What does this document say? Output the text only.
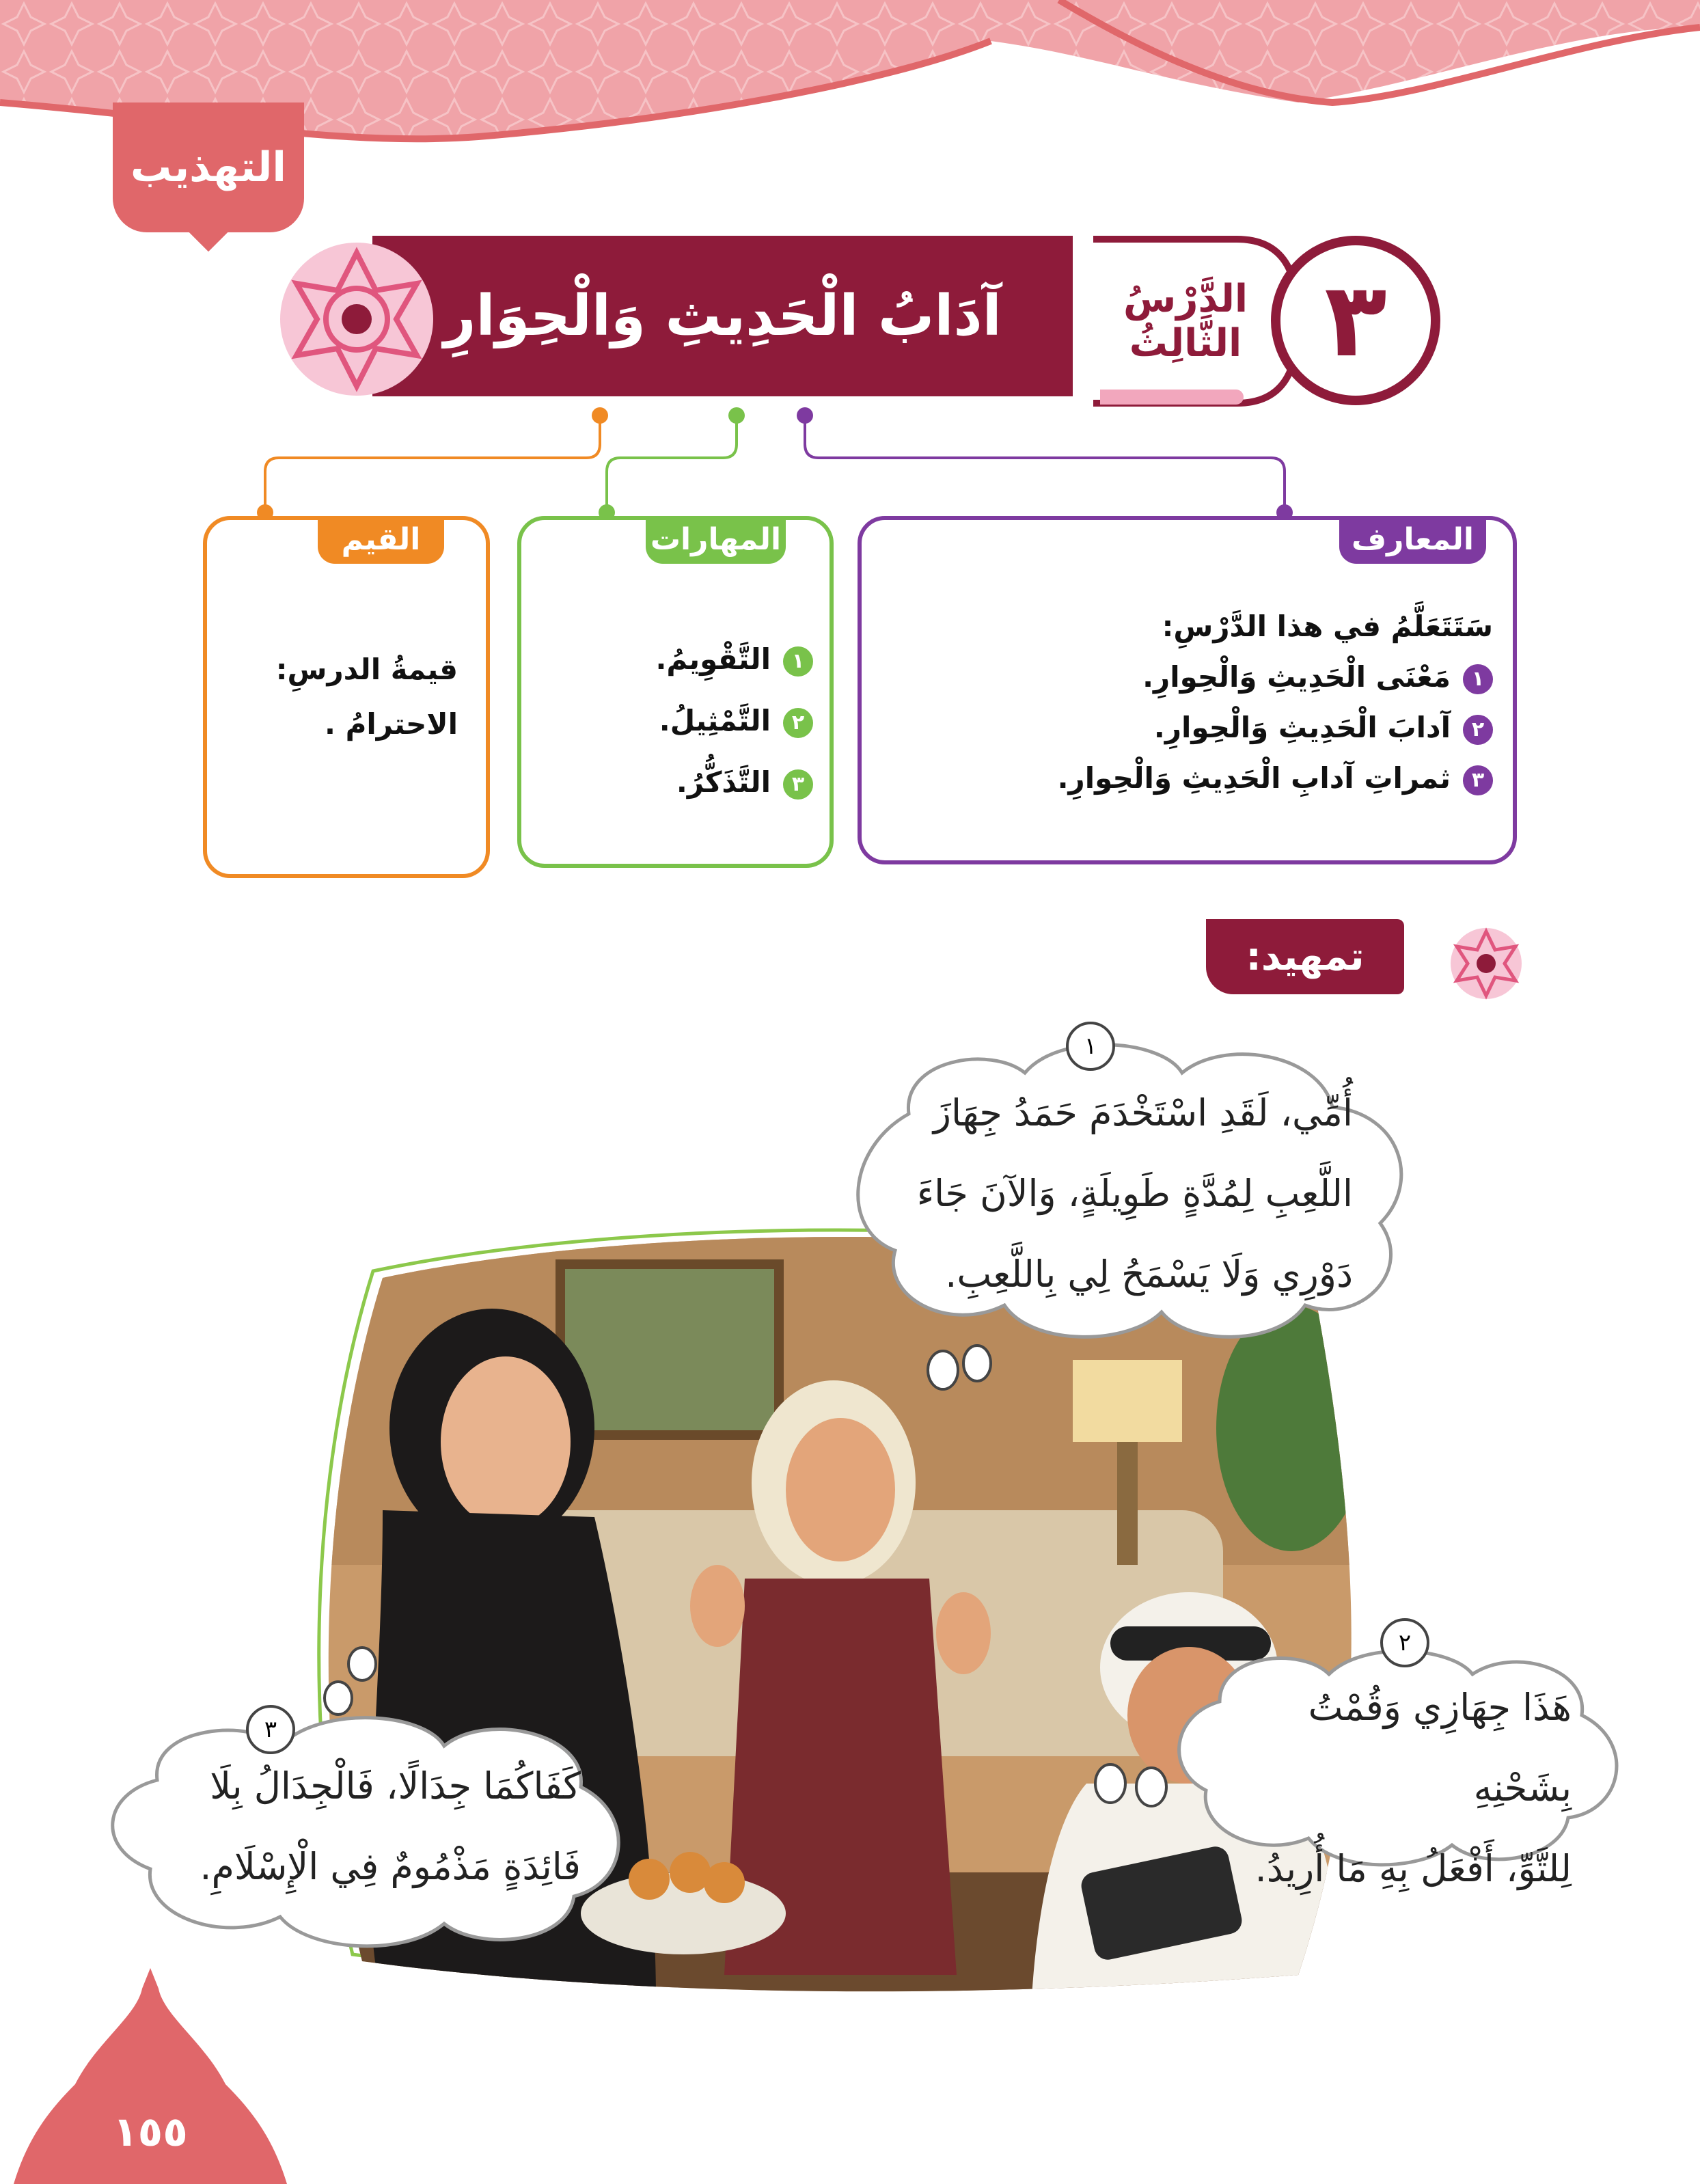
التهذيب
الدَّرْسُ
الثَّالِثُ ٣
آدَابُ الْحَدِيثِ وَالْحِوَارِ
المعارف
سَتَتَعَلَّمُ في هذا الدَّرْسِ:
١مَعْنَى الْحَدِيثِ وَالْحِوارِ.
٢آدابَ الْحَدِيثِ وَالْحِوارِ.
٣ثمراتِ آدابِ الْحَدِيثِ وَالْحِوارِ.
المهارات
١التَّقْوِيمُ.
٢التَّمْثِيلُ.
٣التَّذَكُّرُ.
القيم
قيمةُ الدرسِ:
الاحترامُ .
تمهيد:
١
٢
٣
أُمِّي، لَقَدِ اسْتَخْدَمَ حَمَدُ جِهَازَ
اللَّعِبِ لِمُدَّةٍ طَوِيلَةٍ، وَالآنَ جَاءَ
دَوْرِي وَلَا يَسْمَحُ لِي بِاللَّعِبِ.
هَذَا جِهَازِي وَقُمْتُ بِشَحْنِهِ
لِلتَّوِّ، أَفْعَلُ بِهِ مَا أُرِيدُ.
كَفَاكُمَا جِدَالًا، فَالْجِدَالُ بِلَا
فَائِدَةٍ مَذْمُومٌ فِي الْإِسْلَامِ.
١٥٥
